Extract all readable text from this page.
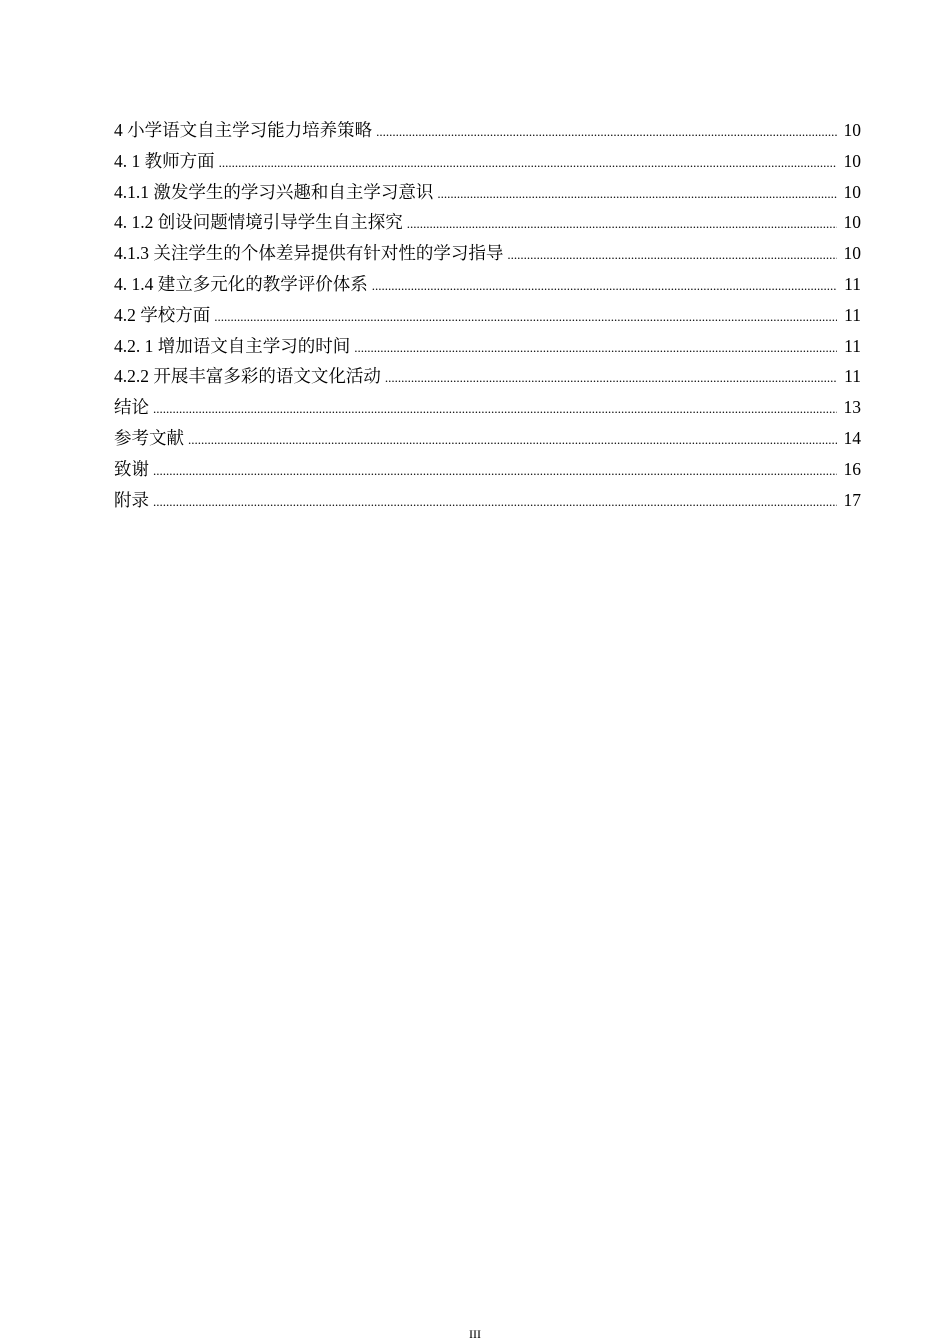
4 小学语文自主学习能力培养策略 .....	10
4. 1 教师方面 .....	10
4.1.1 激发学生的学习兴趣和自主学习意识 .....	10
4. 1.2 创设问题情境引导学生自主探究 .....	10
4.1.3 关注学生的个体差异提供有针对性的学习指导 .....	10
4. 1.4 建立多元化的教学评价体系 .....	11
4.2 学校方面 .....	11
4.2. 1 增加语文自主学习的时间 .....	11
4.2.2 开展丰富多彩的语文文化活动 .....	11
结论 .....	13
参考文献 .....	14
致谢 .....	16
附录 .....	17
III
